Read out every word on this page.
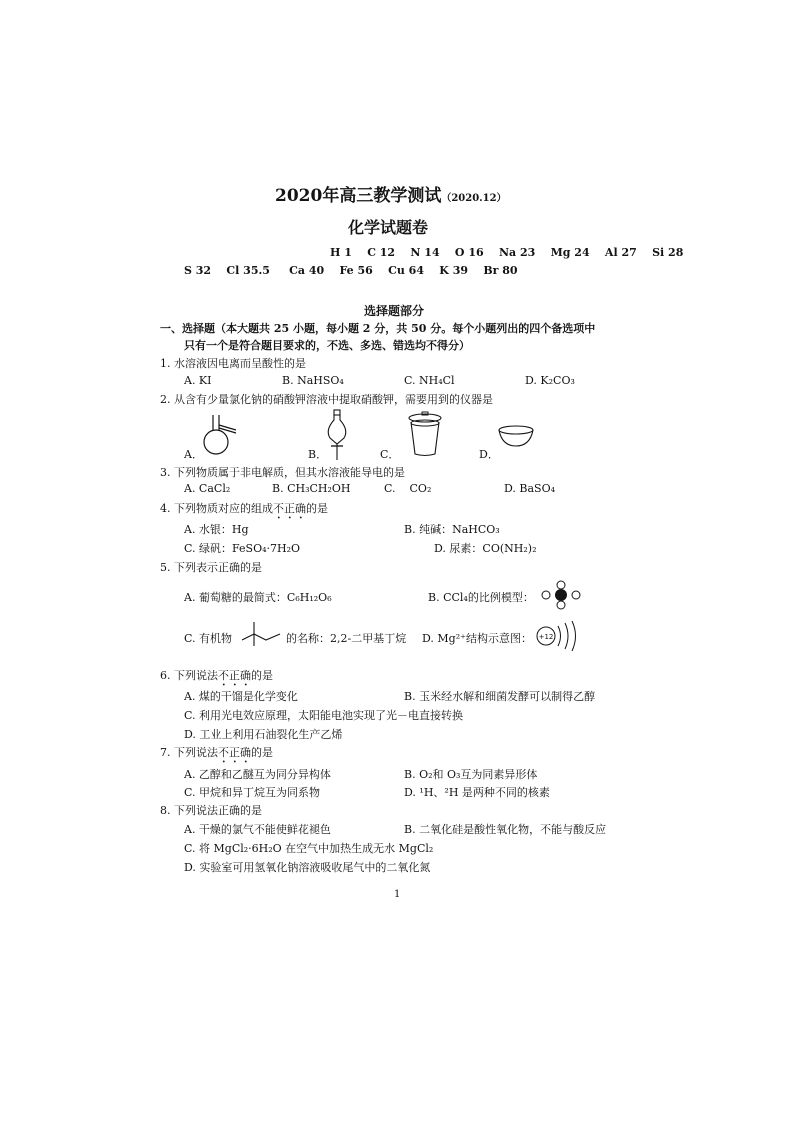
2020年高三教学测试（2020.12）
化学试题卷
H 1    C 12    N 14    O 16    Na 23    Mg 24    Al 27    Si 28
S 32    Cl 35.5     Ca 40    Fe 56    Cu 64    K 39    Br 80
选择题部分
一、选择题（本大题共 25 小题，每小题 2 分，共 50 分。每个小题列出的四个备选项中
只有一个是符合题目要求的，不选、多选、错选均不得分）
1. 水溶液因电离而呈酸性的是
A. KI	B. NaHSO₄	C. NH₄Cl	D. K₂CO₃
2. 从含有少量氯化钠的硝酸钾溶液中提取硝酸钾，需要用到的仪器是
A．	B．	C．	D．
3. 下列物质属于非电解质，但其水溶液能导电的是
A. CaCl₂	B. CH₃CH₂OH	C.    CO₂	D. BaSO₄
4. 下列物质对应的组成不正确的是
A. 水银：Hg	B. 纯碱：NaHCO₃
C. 绿矾：FeSO₄·7H₂O	D. 尿素：CO(NH₂)₂
5. 下列表示正确的是
A. 葡萄糖的最简式：C₆H₁₂O₆	B. CCl₄的比例模型：
C. 有机物	的名称：2,2-二甲基丁烷 D. Mg²⁺结构示意图： +12
6. 下列说法不正确的是
A. 煤的干馏是化学变化	B. 玉米经水解和细菌发酵可以制得乙醇
C. 利用光电效应原理，太阳能电池实现了光－电直接转换
D. 工业上利用石油裂化生产乙烯
7. 下列说法不正确的是
A. 乙醇和乙醚互为同分异构体	B. O₂和 O₃互为同素异形体
C. 甲烷和异丁烷互为同系物	D. ¹H、²H 是两种不同的核素
8. 下列说法正确的是
A. 干燥的氯气不能使鲜花褪色	B. 二氧化硅是酸性氧化物，不能与酸反应
C. 将 MgCl₂·6H₂O 在空气中加热生成无水 MgCl₂
D. 实验室可用氢氧化钠溶液吸收尾气中的二氧化氮
1
